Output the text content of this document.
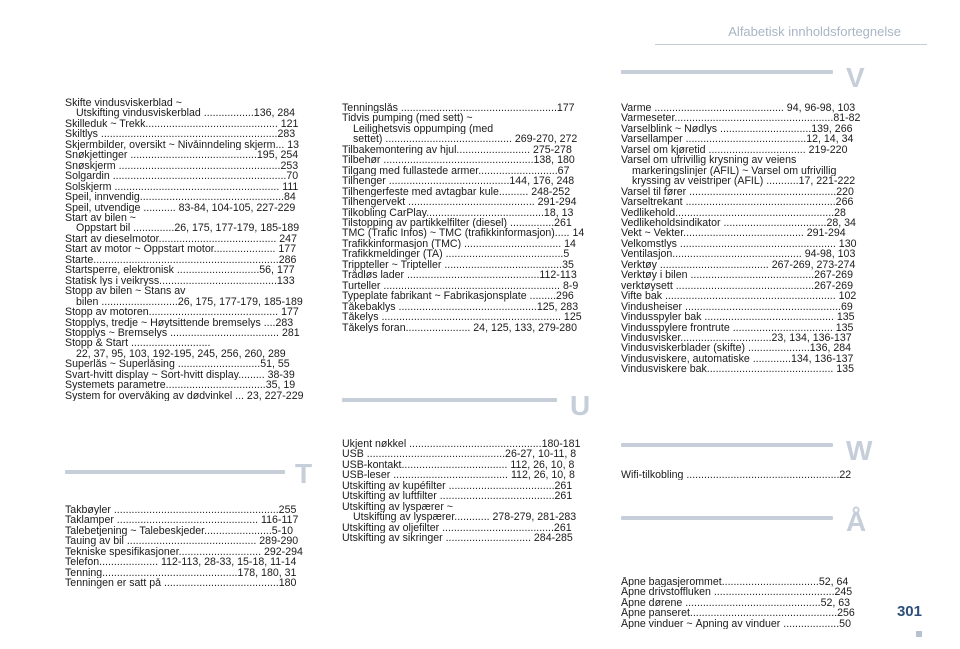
Alfabetisk innholdsfortegnelse
Skifte vindusviskerblad ~
Utskifting vindusviskerblad .................136, 284
Skilleduk ~ Trekk............................................. 121
Skiltlys ............................................................283
Skjermbilder, oversikt ~ Nivåinndeling skjerm... 13
Snøkjettinger ...........................................195, 254
Snøskjerm .......................................................253
Solgardin ...........................................................70
Solskjerm ........................................................ 111
Speil, innvendig.................................................84
Speil, utvendige ........... 83-84, 104-105, 227-229
Start av bilen ~
Oppstart bil ..............26, 175, 177-179, 185-189
Start av dieselmotor........................................ 247
Start av motor ~ Oppstart motor..................... 177
Starte...............................................................286
Startsperre, elektronisk ............................56, 177
Statisk lys i veikryss........................................133
Stopp av bilen ~ Stans av
bilen ..........................26, 175, 177-179, 185-189
Stopp av motoren............................................ 177
Stopplys, tredje ~ Høytsittende bremselys ....283
Stopplys ~ Bremselys ..................................... 281
Stopp & Start ...........................
22, 37, 95, 103, 192-195, 245, 256, 260, 289
Superlås ~ Superlåsing ............................51, 55
Svart-hvitt display ~ Sort-hvitt display......... 38-39
Systemets parametre..................................35, 19
System for overvåking av dødvinkel ... 23, 227-229
T
Takbøyler ........................................................255
Taklamper ................................................ 116-117
Talebetjening ~ Talebeskjeder.......................5-10
Tauing av bil ............................................ 289-290
Tekniske spesifikasjoner............................ 292-294
Telefon.................... 112-113, 28-33, 15-18, 11-14
Tenning..............................................178, 180, 31
Tenningen er satt på .......................................180
Tenningslås .....................................................177
Tidvis pumping (med sett) ~
Leilighetsvis oppumping (med
settet) ........................................... 269-270, 272
Tilbakemontering av hjul......................... 275-278
Tilbehør ...................................................138, 180
Tilgang med fullastede armer...........................67
Tilhenger .........................................144, 176, 248
Tilhengerfeste med avtagbar kule.......... 248-252
Tilhengervekt ........................................... 291-294
Tilkobling CarPlay........................................18, 13
Tilstopping av partikkelfilter (diesel) ...............261
TMC (Trafic Infos) ~ TMC (trafikkinformasjon)..... 14
Trafikkinformasjon (TMC) ................................. 14
Trafikkmeldinger (TA) ........................................5
Trippteller ~ Tripteller ........................................35
Trådløs lader .............................................112-113
Turteller ............................................................ 8-9
Typeplate fabrikant ~ Fabrikasjonsplate .........296
Tåkebaklys ...............................................125, 283
Tåkelys ............................................................. 125
Tåkelys foran...................... 24, 125, 133, 279-280
U
Ukjent nøkkel .............................................180-181
USB ...............................................26-27, 10-11, 8
USB-kontakt.................................... 112, 26, 10, 8
USB-leser ....................................... 112, 26, 10, 8
Utskifting av kupéfilter ....................................261
Utskifting av luftfilter .......................................261
Utskifting av lyspærer ~
Utskifting av lyspærer............ 278-279, 281-283
Utskifting av oljefilter ......................................261
Utskifting av sikringer ............................. 284-285
V
Varme ............................................ 94, 96-98, 103
Varmeseter......................................................81-82
Varselblink ~ Nødlys ...............................139, 266
Varsellamper .........................................12, 14, 34
Varsel om kjøretid ................................. 219-220
Varsel om ufrivillig krysning av veiens
markeringslinjer (AFIL) ~ Varsel om ufrivillig
kryssing av veistriper (AFIL) ...........17, 221-222
Varsel til fører ..................................................220
Varseltrekant ...................................................266
Vedlikehold......................................................28
Vedlikeholdsindikator ...................................28, 34
Vekt ~ Vekter......................................... 291-294
Velkomstlys ..................................................... 130
Ventilasjon............................................ 94-98, 103
Verktøy ..................................... 267-269, 273-274
Verktøy i bilen ..........................................267-269
verktøysett ...............................................267-269
Vifte bak .......................................................... 102
Vindusheiser .....................................................69
Vindusspyler bak ............................................ 135
Vindusspylere frontrute .................................. 135
Vindusvisker...............................23, 134, 136-137
Vindusviskerblader (skifte) .....................136, 284
Vindusviskere, automatiske .............134, 136-137
Vindusviskere bak........................................... 135
W
Wifi-tilkobling ....................................................22
Å
Åpne bagasjerommet.................................52, 64
Åpne drivstoffluken .........................................245
Åpne dørene ..............................................52, 63
Åpne panseret..................................................256
Åpne vinduer ~ Åpning av vinduer ...................50
301
